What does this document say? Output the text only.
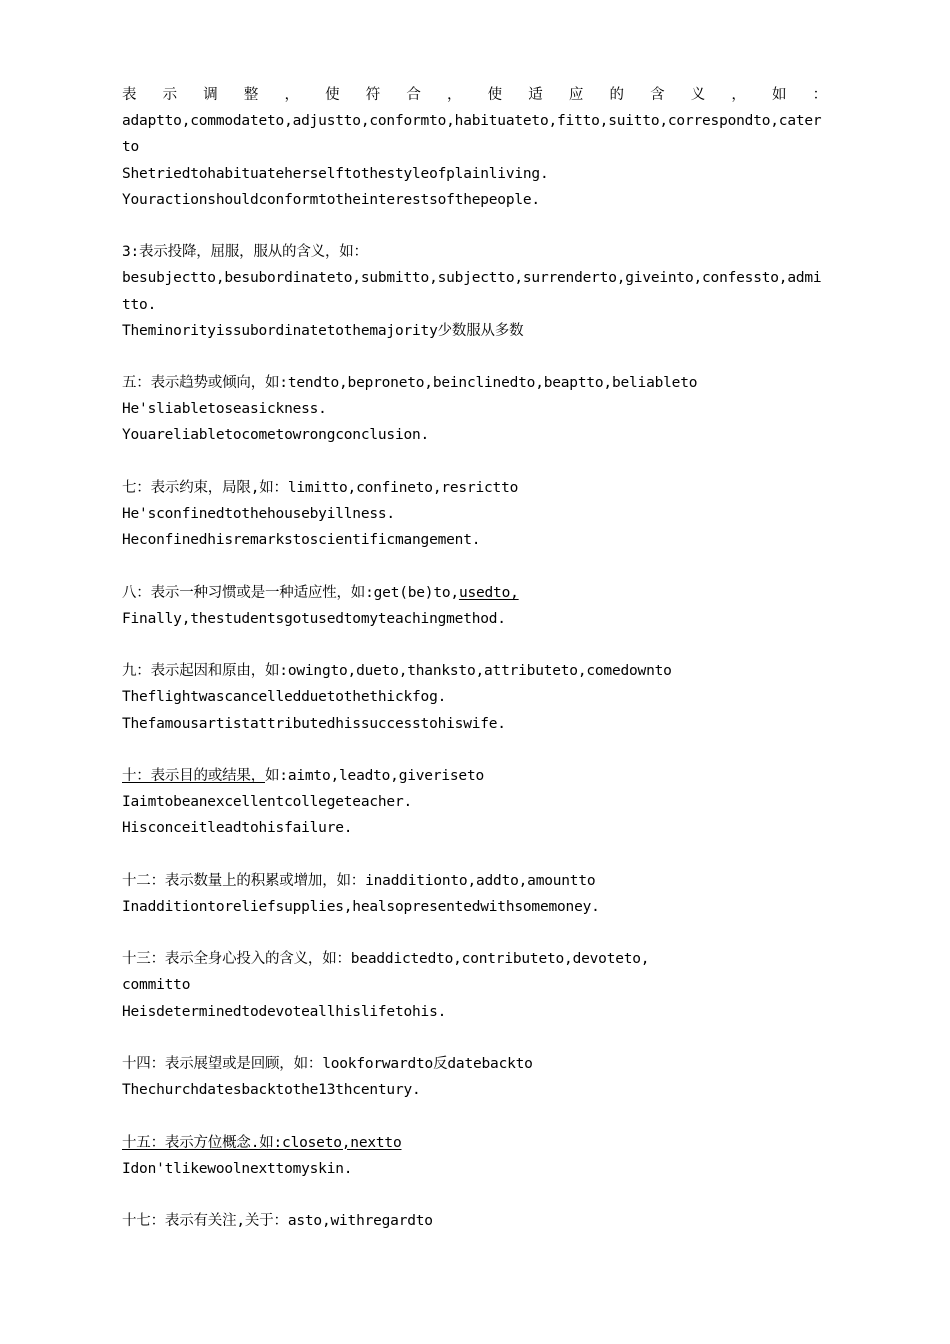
表 示 调 整 ， 使 符 合 ， 使 适 应 的 含 义 ， 如 ：
adaptto,commodateto,adjustto,conformto,habituateto,fitto,suitto,correspondto,caterto
Shetriedtohabituateherselftothestyleofplainliving.
Youractionshouldconformtotheinterestsofthepeople.
3:表示投降，屈服，服从的含义，如：
besubjectto,besubordinateto,submitto,subjectto,surrenderto,giveinto,confessto,admitto.
Theminorityissubordinatetothemajority少数服从多数
五：表示趋势或倾向，如:tendto,beproneto,beinclinedto,beaptto,beliableto
He'sliabletoseasickness.
Youareliabletocometowrongconclusion.
七：表示约束，局限,如：limitto,confineto,resrictto
He'sconfinedtothehousebyillness.
Heconfinedhisremarkstoscientificmangement.
八：表示一种习惯或是一种适应性，如:get(be)to,usedto,
Finally,thestudentsgotusedtomyteachingmethod.
九：表示起因和原由，如:owingto,dueto,thanksto,attributeto,comedownto
Theflightwascancelledduetothethickfog.
Thefamousartistattributedhissuccesstohiswife.
十：表示目的或结果，如:aimto,leadto,giveriseto
Iaimtobeanexcellentcollegeteacher.
Hisconceitleadtohisfailure.
十二：表示数量上的积累或增加，如：inadditionto,addto,amountto
Inadditiontoreliefsupplies,healsopresentedwithsomemoney.
十三：表示全身心投入的含义，如：beaddictedto,contributeto,devoteto,
committo
Heisdeterminedtodevoteallhislifetohis.
十四：表示展望或是回顾，如：lookforwardto反datebackto
Thechurchdatesbacktothe13thcentury.
十五：表示方位概念.如:closeto,nextto
Idon'tlikewoolnexttomyskin.
十七：表示有关注,关于：asto,withregardto
